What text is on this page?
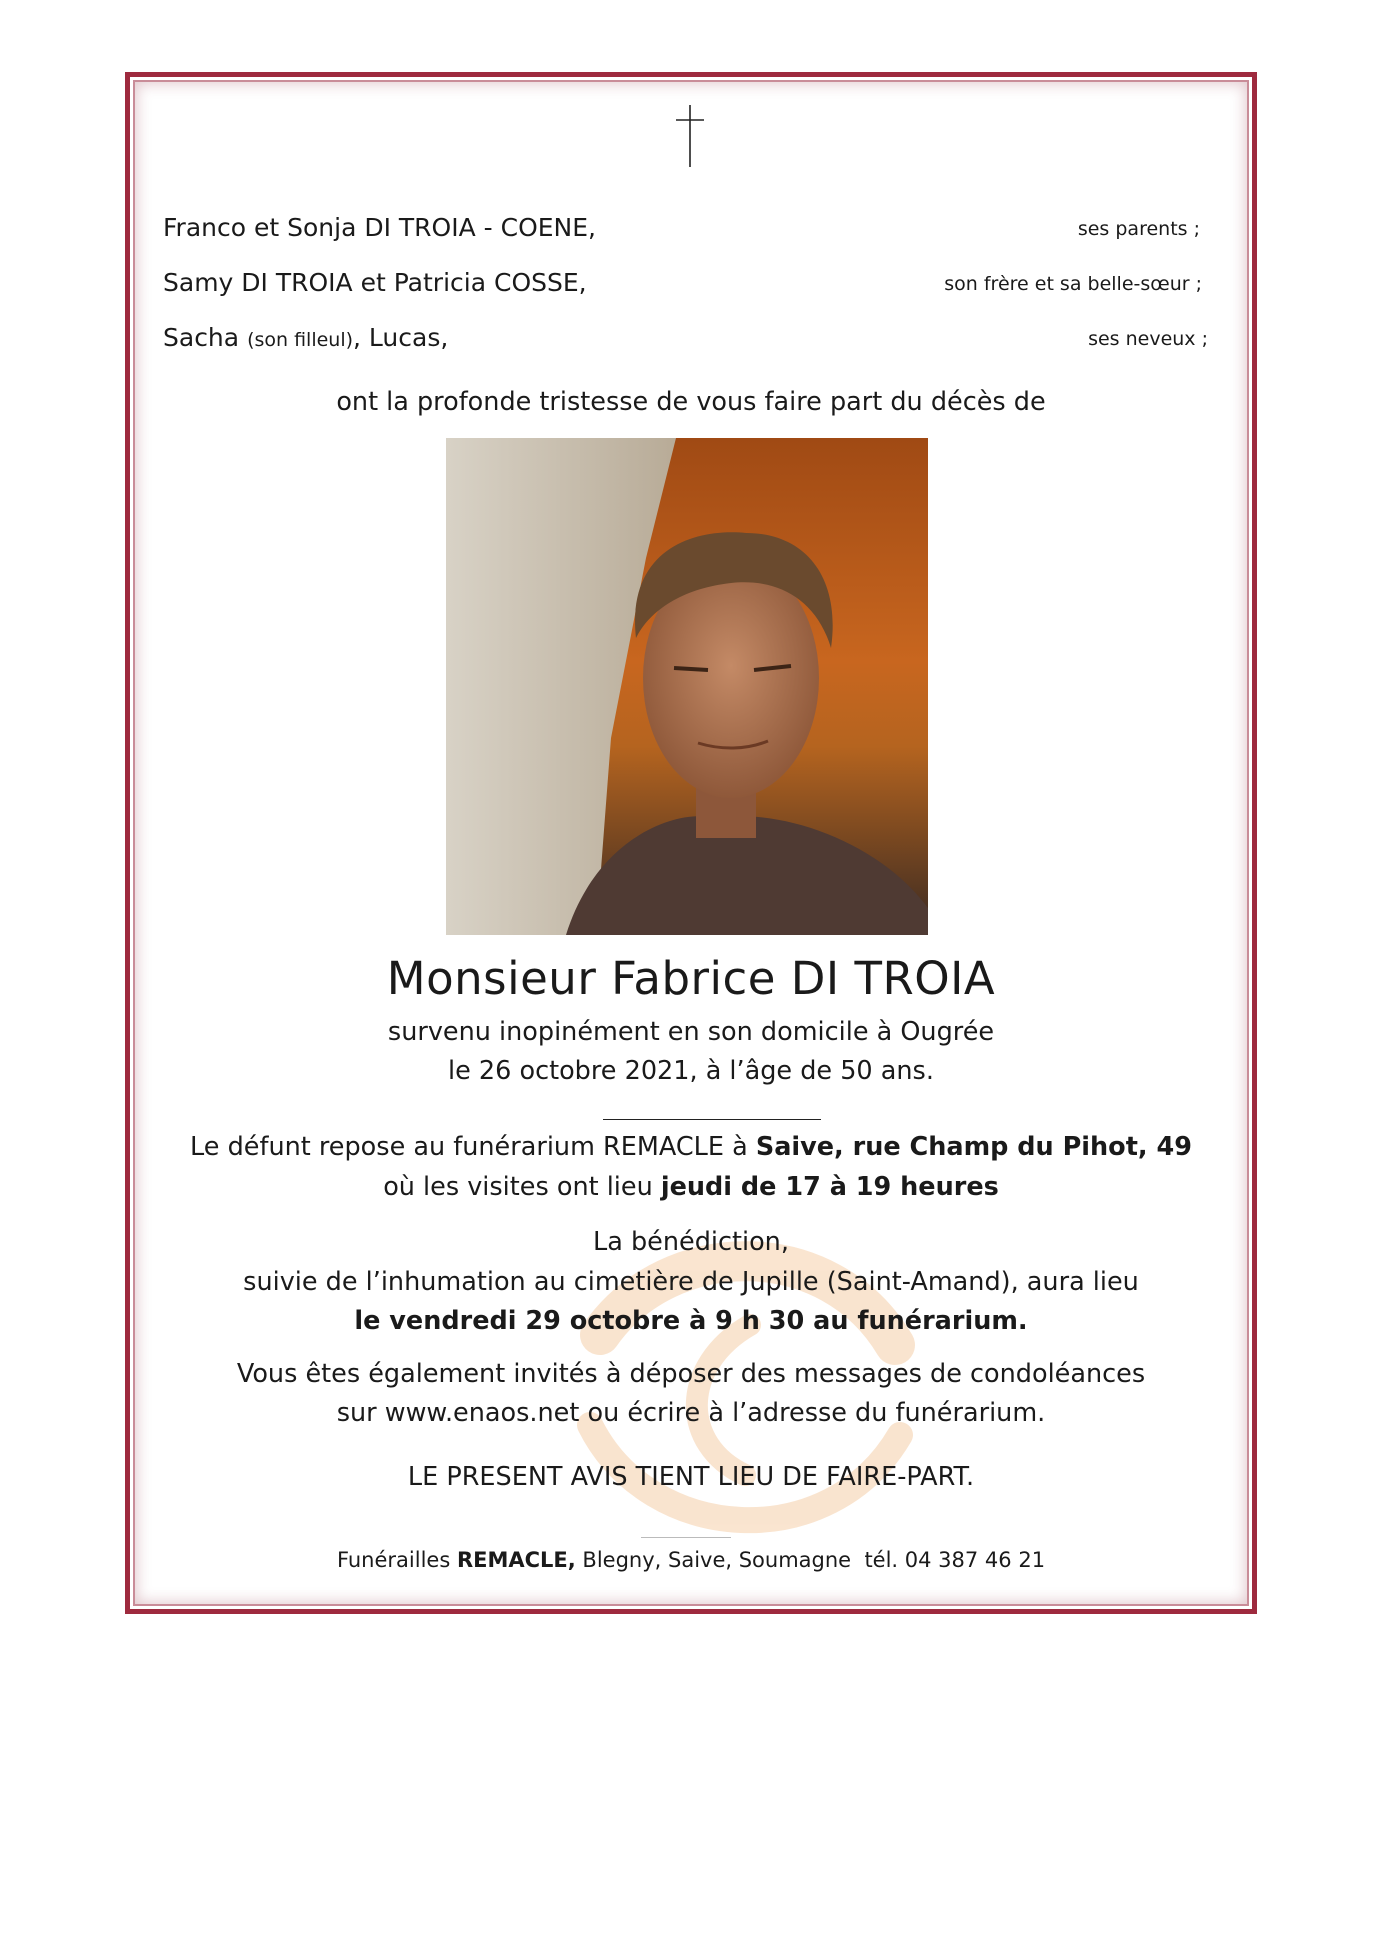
Franco et Sonja DI TROIA - COENE,	ses parents ;
Samy DI TROIA et Patricia COSSE,	son frère et sa belle-sœur ;
Sacha (son filleul), Lucas,	ses neveux ;
ont la profonde tristesse de vous faire part du décès de
Monsieur Fabrice DI TROIA
survenu inopinément en son domicile à Ougrée
le 26 octobre 2021, à l’âge de 50 ans.
Le défunt repose au funérarium REMACLE à Saive, rue Champ du Pihot, 49
où les visites ont lieu jeudi de 17 à 19 heures
La bénédiction,
suivie de l’inhumation au cimetière de Jupille (Saint-Amand), aura lieu
le vendredi 29 octobre à 9 h 30 au funérarium.
Vous êtes également invités à déposer des messages de condoléances
sur www.enaos.net ou écrire à l’adresse du funérarium.
LE PRESENT AVIS TIENT LIEU DE FAIRE-PART.
Funérailles REMACLE, Blegny, Saive, Soumagne  tél. 04 387 46 21
